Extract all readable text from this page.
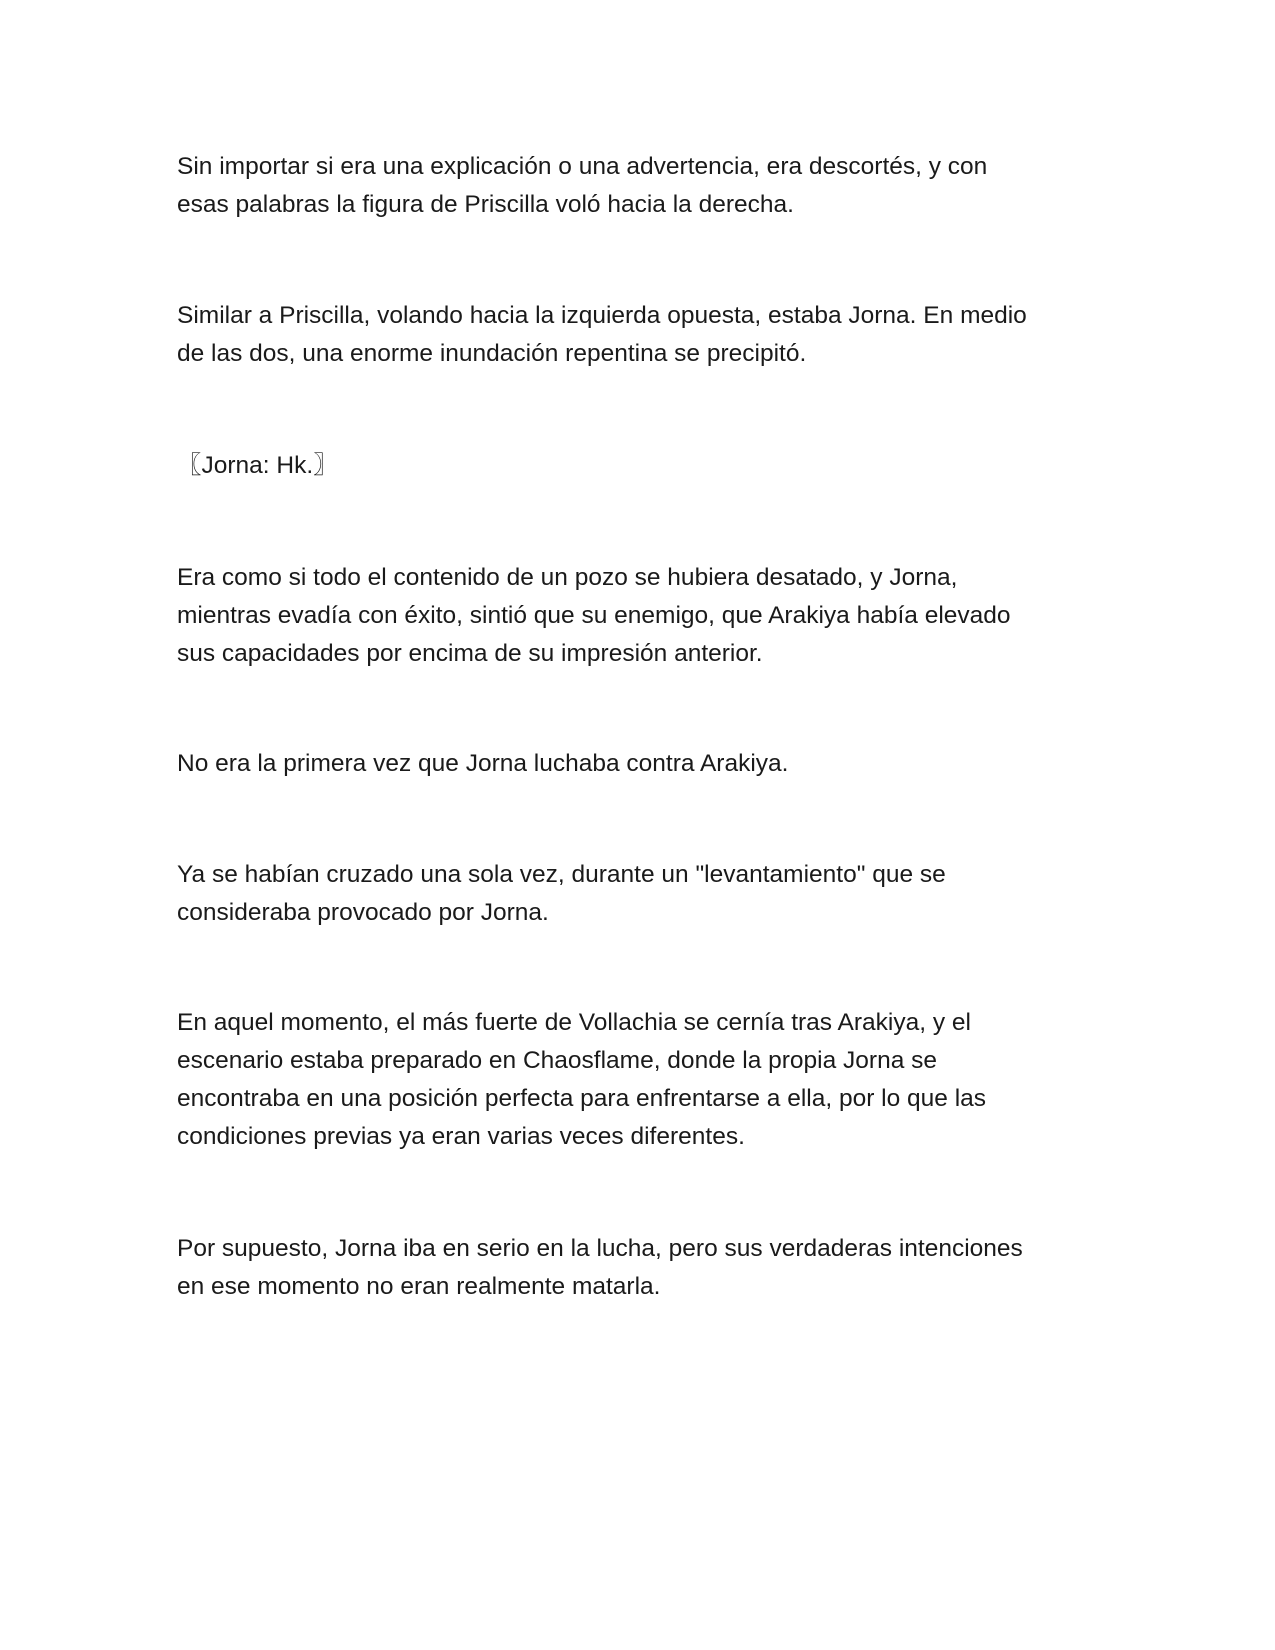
Sin importar si era una explicación o una advertencia, era descortés, y con
esas palabras la figura de Priscilla voló hacia la derecha.

Similar a Priscilla, volando hacia la izquierda opuesta, estaba Jorna. En medio
de las dos, una enorme inundación repentina se precipitó.

〖Jorna: Hk.〗

Era como si todo el contenido de un pozo se hubiera desatado, y Jorna,
mientras evadía con éxito, sintió que su enemigo, que Arakiya había elevado
sus capacidades por encima de su impresión anterior.

No era la primera vez que Jorna luchaba contra Arakiya.

Ya se habían cruzado una sola vez, durante un "levantamiento" que se
consideraba provocado por Jorna.

En aquel momento, el más fuerte de Vollachia se cernía tras Arakiya, y el
escenario estaba preparado en Chaosflame, donde la propia Jorna se
encontraba en una posición perfecta para enfrentarse a ella, por lo que las
condiciones previas ya eran varias veces diferentes.

Por supuesto, Jorna iba en serio en la lucha, pero sus verdaderas intenciones
en ese momento no eran realmente matarla.
